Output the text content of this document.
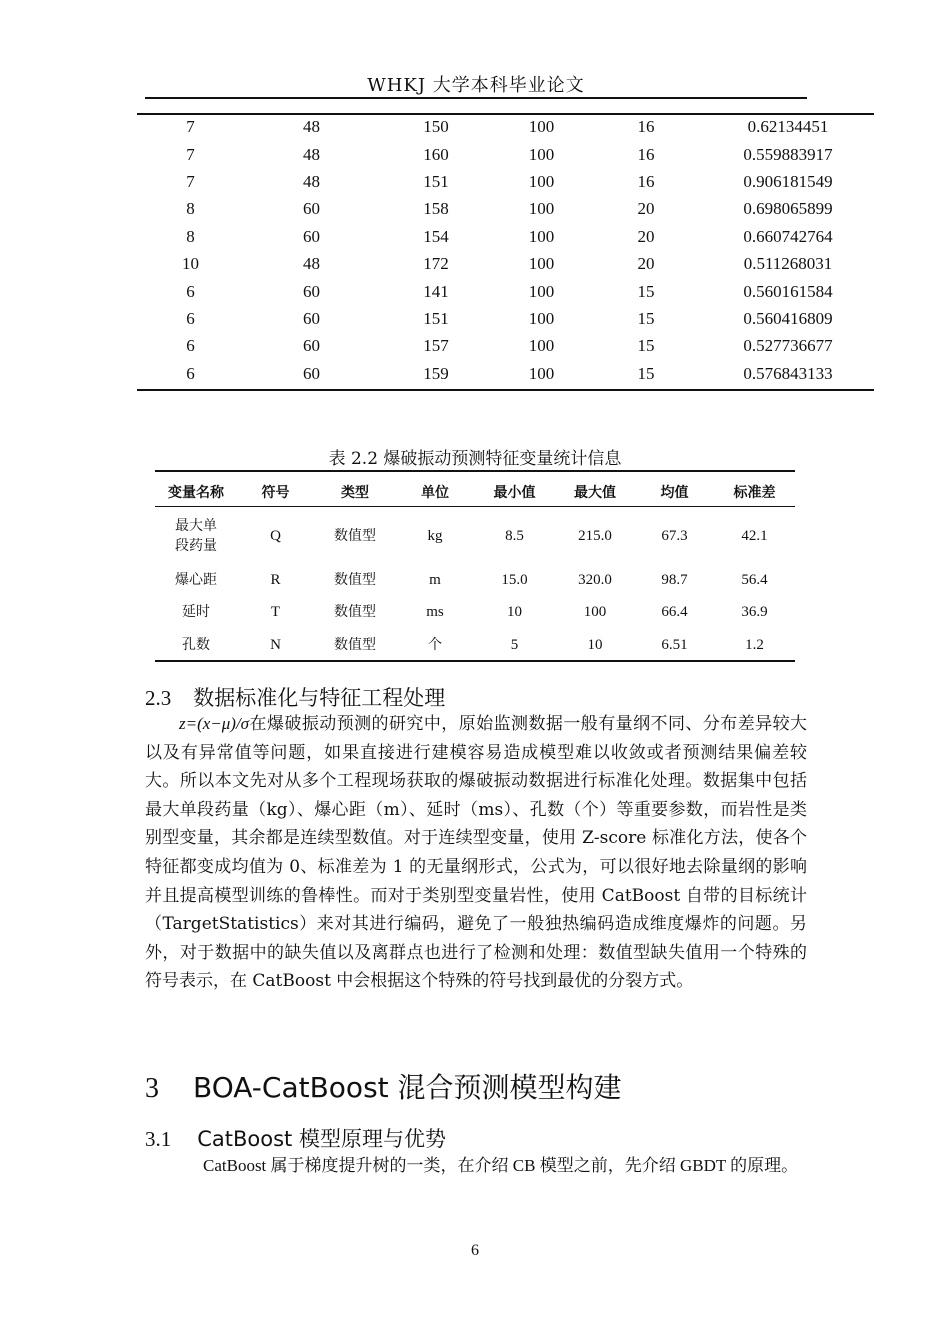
WHKJ 大学本科毕业论文
7	48	150	100	16	0.62134451
7	48	160	100	16	0.559883917
7	48	151	100	16	0.906181549
8	60	158	100	20	0.698065899
8	60	154	100	20	0.660742764
10	48	172	100	20	0.511268031
6	60	141	100	15	0.560161584
6	60	151	100	15	0.560416809
6	60	157	100	15	0.527736677
6	60	159	100	15	0.576843133
表 2.2 爆破振动预测特征变量统计信息
变量名称	符号	类型	单位	最小值	最大值	均值	标准差
最大单段药量	Q	数值型	kg	8.5	215.0	67.3	42.1
爆心距	R	数值型	m	15.0	320.0	98.7	56.4
延时	T	数值型	ms	10	100	66.4	36.9
孔数	N	数值型	个	5	10	6.51	1.2
2.3 数据标准化与特征工程处理
z=(x−μ)/σ在爆破振动预测的研究中，原始监测数据一般有量纲不同、分布差异较大以及有异常值等问题，如果直接进行建模容易造成模型难以收敛或者预测结果偏差较大。所以本文先对从多个工程现场获取的爆破振动数据进行标准化处理。数据集中包括最大单段药量（kg）、爆心距（m）、延时（ms）、孔数（个）等重要参数，而岩性是类别型变量，其余都是连续型数值。对于连续型变量，使用 Z-score 标准化方法，使各个特征都变成均值为 0、标准差为 1 的无量纲形式，公式为，可以很好地去除量纲的影响并且提高模型训练的鲁棒性。而对于类别型变量岩性，使用 CatBoost 自带的目标统计（TargetStatistics）来对其进行编码，避免了一般独热编码造成维度爆炸的问题。另外，对于数据中的缺失值以及离群点也进行了检测和处理：数值型缺失值用一个特殊的符号表示，在 CatBoost 中会根据这个特殊的符号找到最优的分裂方式。
3 BOA-CatBoost 混合预测模型构建
3.1 CatBoost 模型原理与优势
CatBoost 属于梯度提升树的一类，在介绍 CB 模型之前，先介绍 GBDT 的原理。
6
